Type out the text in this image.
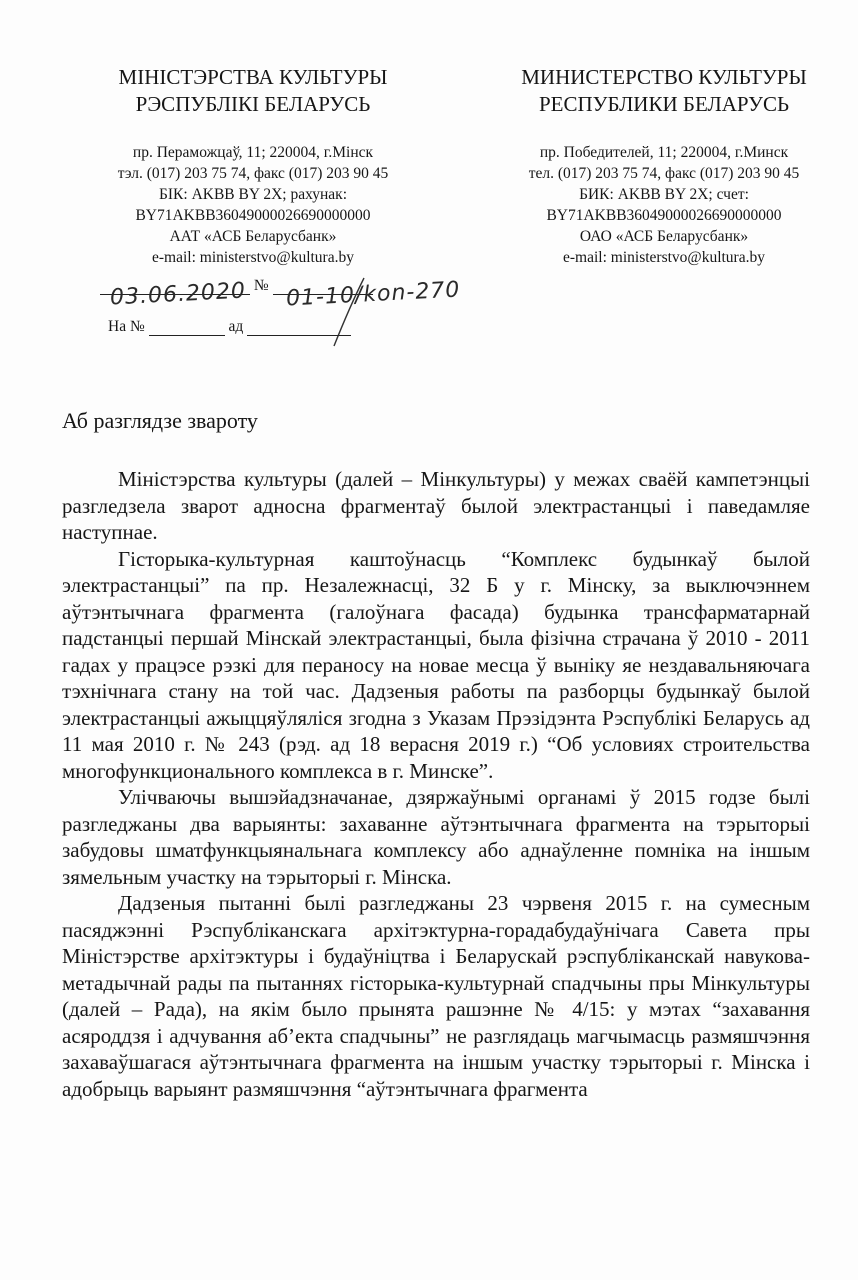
МІНІСТЭРСТВА КУЛЬТУРЫ
РЭСПУБЛІКІ БЕЛАРУСЬ
пр. Пераможцаў, 11; 220004, г.Мінск
тэл. (017) 203 75 74, факс (017) 203 90 45
БІК: AKBB BY 2X; рахунак:
BY71AKBB36049000026690000000
ААТ «АСБ Беларусбанк»
e-mail: ministerstvo@kultura.by
МИНИСТЕРСТВО КУЛЬТУРЫ
РЕСПУБЛИКИ БЕЛАРУСЬ
пр. Победителей, 11; 220004, г.Минск
тел. (017) 203 75 74, факс (017) 203 90 45
БИК: AKBB BY 2X; счет:
BY71AKBB36049000026690000000
ОАО «АСБ Беларусбанк»
e-mail: ministerstvo@kultura.by
№
03.06.2020 01-10/kon-270
На №	ад
Аб разглядзе звароту

Міністэрства культуры (далей – Мінкультуры) у межах сваёй кампетэнцыі разгледзела зварот адносна фрагментаў былой электрастанцыі і паведамляе наступнае.

Гісторыка-культурная каштоўнасць “Комплекс будынкаў былой электрастанцыі” па пр. Незалежнасці, 32 Б у г. Мінску, за выключэннем аўтэнтычнага фрагмента (галоўнага фасада) будынка трансфарматарнай падстанцыі першай Мінскай электрастанцыі, была фізічна страчана ў 2010 - 2011 гадах у працэсе рэзкі для пераносу на новае месца ў выніку яе нездавальняючага тэхнічнага стану на той час. Дадзеныя работы па разборцы будынкаў былой электрастанцыі ажыццяўляліся згодна з Указам Прэзідэнта Рэспублікі Беларусь ад 11 мая 2010 г. № 243 (рэд. ад 18 верасня 2019 г.) “Об условиях строительства многофункционального комплекса в г. Минске”.

Улічваючы вышэйадзначанае, дзяржаўнымі органамі ў 2015 годзе былі разгледжаны два варыянты: захаванне аўтэнтычнага фрагмента на тэрыторыі забудовы шматфункцыянальнага комплексу або аднаўленне помніка на іншым зямельным участку на тэрыторыі г. Мінска.

Дадзеныя пытанні былі разгледжаны 23 чэрвеня 2015 г. на сумесным пасяджэнні Рэспубліканскага архітэктурна-горадабудаўнічага Савета пры Міністэрстве архітэктуры і будаўніцтва і Беларускай рэспубліканскай навукова-метадычнай рады па пытаннях гісторыка-культурнай спадчыны пры Мінкультуры (далей – Рада), на якім было прынята рашэнне № 4/15: у мэтах “захавання асяроддзя і адчування аб’екта спадчыны” не разглядаць магчымасць размяшчэння захаваўшагася аўтэнтычнага фрагмента на іншым участку тэрыторыі г. Мінска і адобрыць варыянт размяшчэння “аўтэнтычнага фрагмента
